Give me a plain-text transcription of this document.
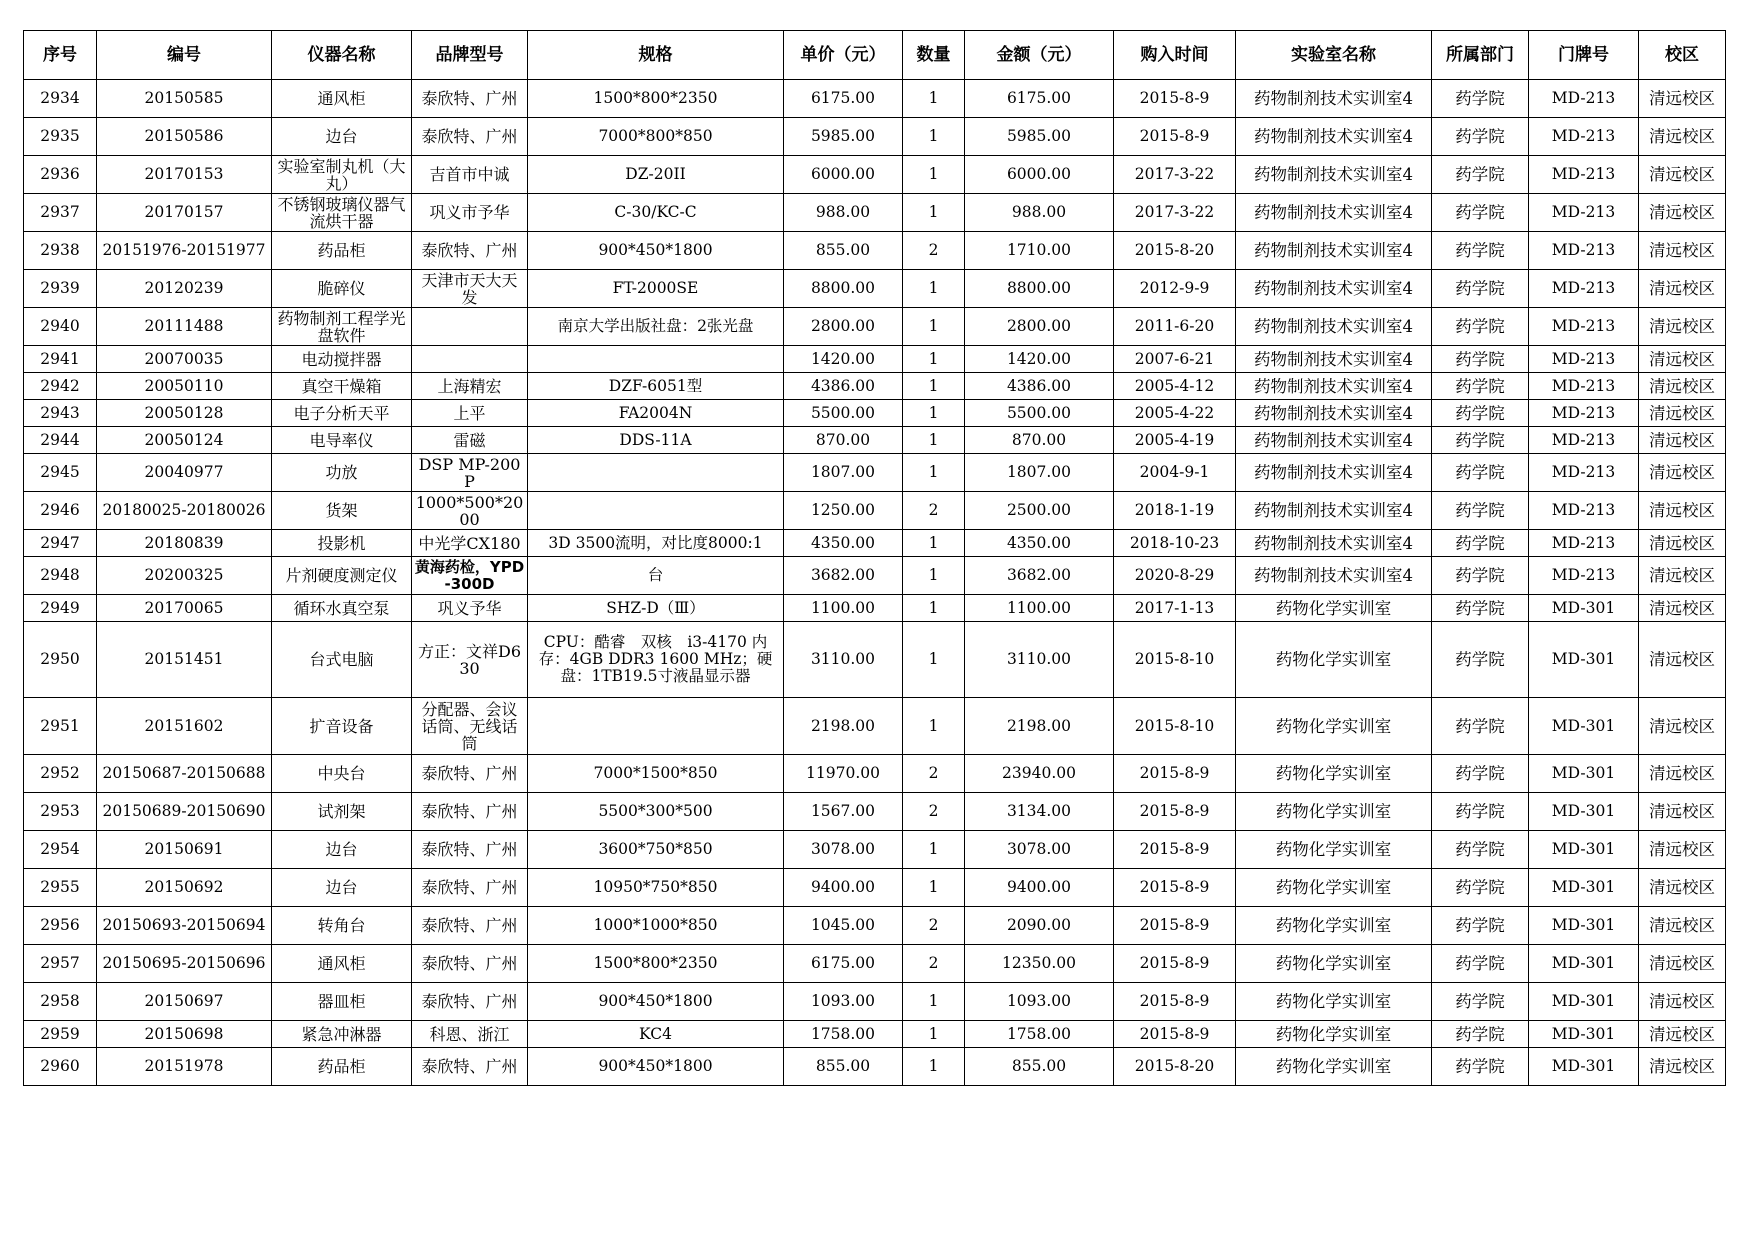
序号	编号	仪器名称	品牌型号	规格	单价（元）	数量	金额（元）	购入时间	实验室名称	所属部门	门牌号	校区

2934	20150585	通风柜	泰欣特、广州	1500*800*2350	6175.00	1	6175.00	2015-8-9	药物制剂技术实训室4	药学院	MD-213	清远校区

2935	20150586	边台	泰欣特、广州	7000*800*850	5985.00	1	5985.00	2015-8-9	药物制剂技术实训室4	药学院	MD-213	清远校区

2936	20170153	实验室制丸机（大丸）	吉首市中诚	DZ-20II	6000.00	1	6000.00	2017-3-22	药物制剂技术实训室4	药学院	MD-213	清远校区

2937	20170157	不锈钢玻璃仪器气流烘干器	巩义市予华	C-30/KC-C	988.00	1	988.00	2017-3-22	药物制剂技术实训室4	药学院	MD-213	清远校区

2938	20151976-20151977	药品柜	泰欣特、广州	900*450*1800	855.00	2	1710.00	2015-8-20	药物制剂技术实训室4	药学院	MD-213	清远校区

2939	20120239	脆碎仪	天津市天大天发	FT-2000SE	8800.00	1	8800.00	2012-9-9	药物制剂技术实训室4	药学院	MD-213	清远校区

2940	20111488	药物制剂工程学光盘软件		南京大学出版社盘：2张光盘	2800.00	1	2800.00	2011-6-20	药物制剂技术实训室4	药学院	MD-213	清远校区

2941	20070035	电动搅拌器			1420.00	1	1420.00	2007-6-21	药物制剂技术实训室4	药学院	MD-213	清远校区

2942	20050110	真空干燥箱	上海精宏	DZF-6051型	4386.00	1	4386.00	2005-4-12	药物制剂技术实训室4	药学院	MD-213	清远校区

2943	20050128	电子分析天平	上平	FA2004N	5500.00	1	5500.00	2005-4-22	药物制剂技术实训室4	药学院	MD-213	清远校区

2944	20050124	电导率仪	雷磁	DDS-11A	870.00	1	870.00	2005-4-19	药物制剂技术实训室4	药学院	MD-213	清远校区

2945	20040977	功放	DSP MP-200P		1807.00	1	1807.00	2004-9-1	药物制剂技术实训室4	药学院	MD-213	清远校区

2946	20180025-20180026	货架	1000*500*2000		1250.00	2	2500.00	2018-1-19	药物制剂技术实训室4	药学院	MD-213	清远校区

2947	20180839	投影机	中光学CX180	3D 3500流明，对比度8000:1	4350.00	1	4350.00	2018-10-23	药物制剂技术实训室4	药学院	MD-213	清远校区

2948	20200325	片剂硬度测定仪	黄海药检，YPD-300D	台	3682.00	1	3682.00	2020-8-29	药物制剂技术实训室4	药学院	MD-213	清远校区

2949	20170065	循环水真空泵	巩义予华	SHZ-D（Ⅲ）	1100.00	1	1100.00	2017-1-13	药物化学实训室	药学院	MD-301	清远校区

2950	20151451	台式电脑	方正：文祥D630	CPU：酷睿　双核　i3-4170 内存：4GB DDR3 1600 MHz；硬盘：1TB19.5寸液晶显示器	3110.00	1	3110.00	2015-8-10	药物化学实训室	药学院	MD-301	清远校区

2951	20151602	扩音设备	分配器、会议话筒、无线话筒		2198.00	1	2198.00	2015-8-10	药物化学实训室	药学院	MD-301	清远校区

2952	20150687-20150688	中央台	泰欣特、广州	7000*1500*850	11970.00	2	23940.00	2015-8-9	药物化学实训室	药学院	MD-301	清远校区

2953	20150689-20150690	试剂架	泰欣特、广州	5500*300*500	1567.00	2	3134.00	2015-8-9	药物化学实训室	药学院	MD-301	清远校区

2954	20150691	边台	泰欣特、广州	3600*750*850	3078.00	1	3078.00	2015-8-9	药物化学实训室	药学院	MD-301	清远校区

2955	20150692	边台	泰欣特、广州	10950*750*850	9400.00	1	9400.00	2015-8-9	药物化学实训室	药学院	MD-301	清远校区

2956	20150693-20150694	转角台	泰欣特、广州	1000*1000*850	1045.00	2	2090.00	2015-8-9	药物化学实训室	药学院	MD-301	清远校区

2957	20150695-20150696	通风柜	泰欣特、广州	1500*800*2350	6175.00	2	12350.00	2015-8-9	药物化学实训室	药学院	MD-301	清远校区

2958	20150697	器皿柜	泰欣特、广州	900*450*1800	1093.00	1	1093.00	2015-8-9	药物化学实训室	药学院	MD-301	清远校区

2959	20150698	紧急冲淋器	科恩、浙江	KC4	1758.00	1	1758.00	2015-8-9	药物化学实训室	药学院	MD-301	清远校区

2960	20151978	药品柜	泰欣特、广州	900*450*1800	855.00	1	855.00	2015-8-20	药物化学实训室	药学院	MD-301	清远校区
